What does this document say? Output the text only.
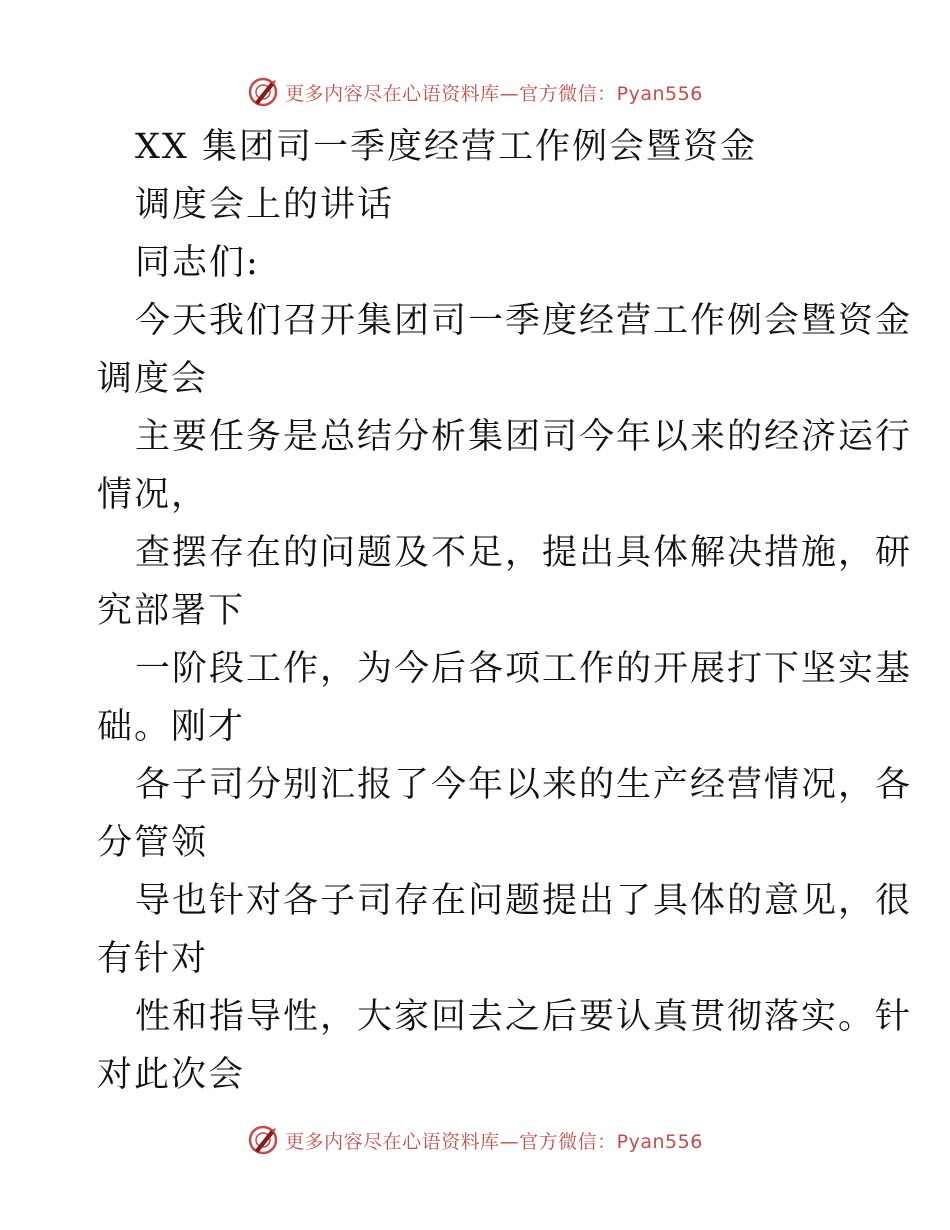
更多内容尽在心语资料库—官方微信：Pyan556
XX 集团司一季度经营工作例会暨资金
调度会上的讲话
同志们:
今天我们召开集团司一季度经营工作例会暨资金
调度会
主要任务是总结分析集团司今年以来的经济运行
情况，
查摆存在的问题及不足，提出具体解决措施，研
究部署下
一阶段工作，为今后各项工作的开展打下坚实基
础。刚才
各子司分别汇报了今年以来的生产经营情况，各
分管领
导也针对各子司存在问题提出了具体的意见，很
有针对
性和指导性，大家回去之后要认真贯彻落实。针
对此次会
更多内容尽在心语资料库—官方微信：Pyan556
